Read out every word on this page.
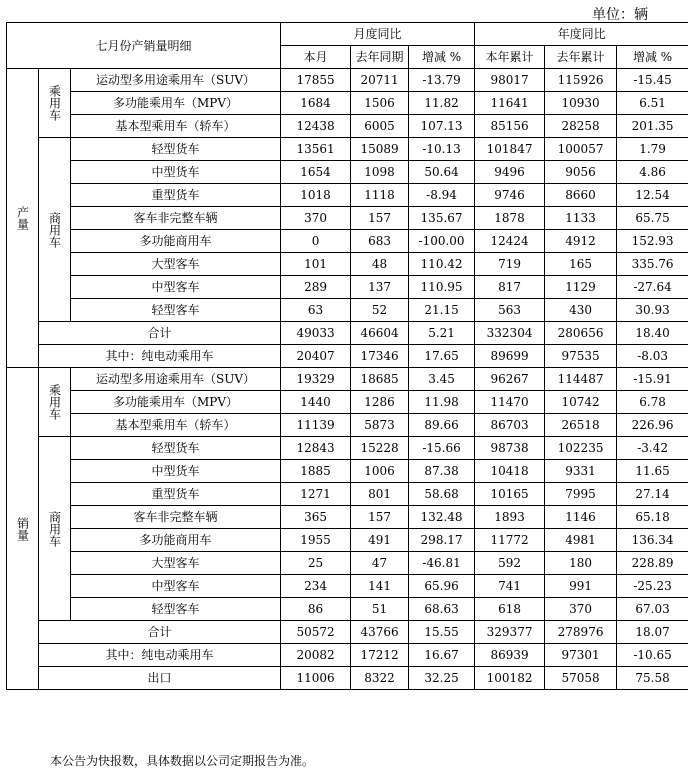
单位：辆
七月份产销量明细			月度同比			年度同比		
			本月	去年同期	增减 %	本年累计	去年累计	增减 %
产量	乘用车	运动型多用途乘用车（SUV）	17855	20711	-13.79	98017	115926	-15.45
		多功能乘用车（MPV）	1684	1506	11.82	11641	10930	6.51
		基本型乘用车（轿车）	12438	6005	107.13	85156	28258	201.35
	商用车	轻型货车	13561	15089	-10.13	101847	100057	1.79
		中型货车	1654	1098	50.64	9496	9056	4.86
		重型货车	1018	1118	-8.94	9746	8660	12.54
		客车非完整车辆	370	157	135.67	1878	1133	65.75
		多功能商用车	0	683	-100.00	12424	4912	152.93
		大型客车	101	48	110.42	719	165	335.76
		中型客车	289	137	110.95	817	1129	-27.64
		轻型客车	63	52	21.15	563	430	30.93
	合计		49033	46604	5.21	332304	280656	18.40
	其中：纯电动乘用车		20407	17346	17.65	89699	97535	-8.03
销量	乘用车	运动型多用途乘用车（SUV）	19329	18685	3.45	96267	114487	-15.91
		多功能乘用车（MPV）	1440	1286	11.98	11470	10742	6.78
		基本型乘用车（轿车）	11139	5873	89.66	86703	26518	226.96
	商用车	轻型货车	12843	15228	-15.66	98738	102235	-3.42
		中型货车	1885	1006	87.38	10418	9331	11.65
		重型货车	1271	801	58.68	10165	7995	27.14
		客车非完整车辆	365	157	132.48	1893	1146	65.18
		多功能商用车	1955	491	298.17	11772	4981	136.34
		大型客车	25	47	-46.81	592	180	228.89
		中型客车	234	141	65.96	741	991	-25.23
		轻型客车	86	51	68.63	618	370	67.03
	合计		50572	43766	15.55	329377	278976	18.07
	其中：纯电动乘用车		20082	17212	16.67	86939	97301	-10.65
	出口		11006	8322	32.25	100182	57058	75.58
本公告为快报数，具体数据以公司定期报告为准。
